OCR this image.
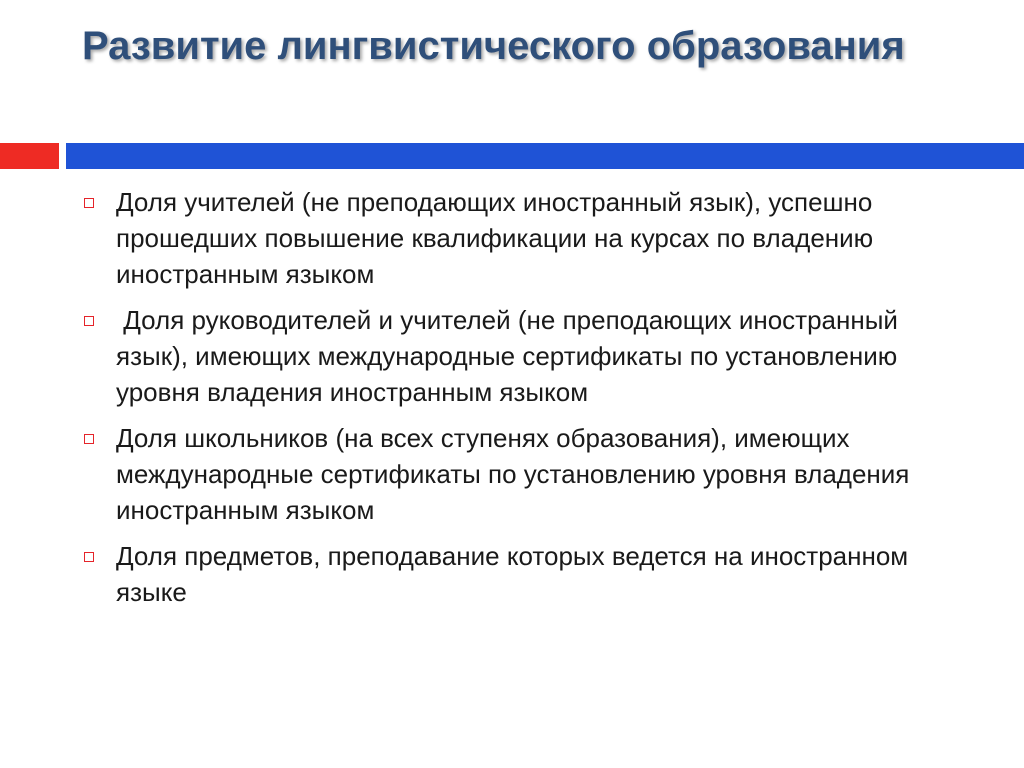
Развитие лингвистического образования
Доля учителей (не преподающих иностранный язык), успешно прошедших повышение квалификации на курсах по владению иностранным языком
Доля руководителей и учителей (не преподающих иностранный язык), имеющих международные сертификаты по установлению уровня владения иностранным языком
Доля школьников (на всех ступенях образования), имеющих международные сертификаты по установлению уровня владения иностранным языком
Доля предметов, преподавание которых ведется на иностранном языке
